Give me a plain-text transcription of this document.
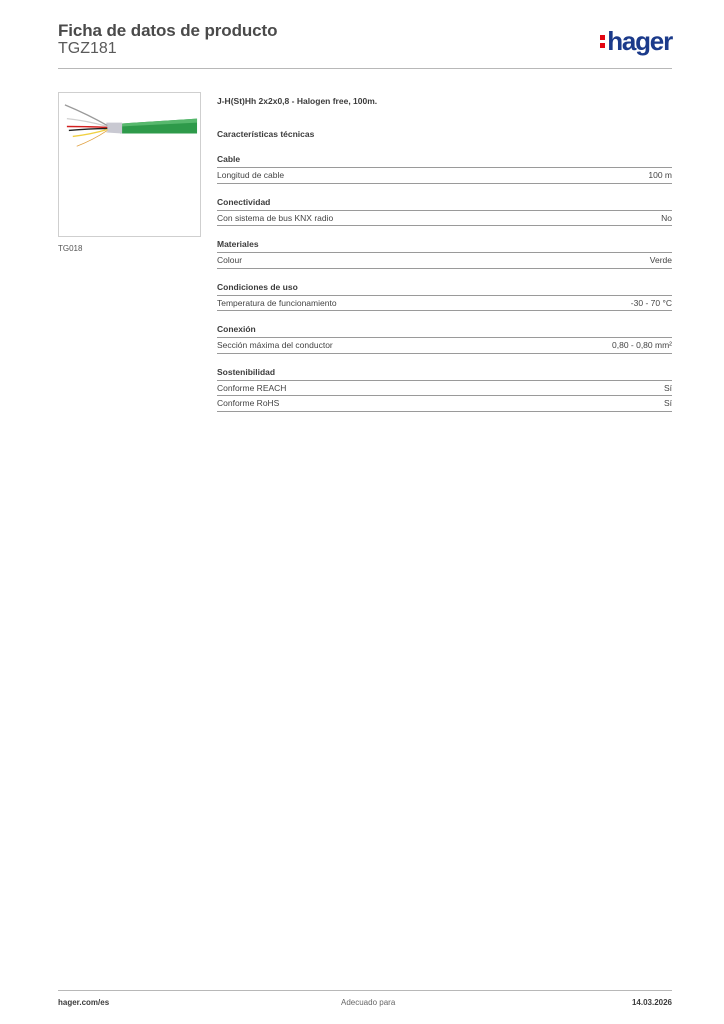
Ficha de datos de producto
TGZ181	hager
TG018
J-H(St)Hh 2x2x0,8 - Halogen free, 100m.
Características técnicas
Cable
Longitud de cable	100 m
Conectividad
Con sistema de bus KNX radio	No
Materiales
Colour	Verde
Condiciones de uso
Temperatura de funcionamiento	-30 - 70 °C
Conexión
Sección máxima del conductor	0,80 - 0,80 mm²
Sostenibilidad
Conforme REACH	Sí
Conforme RoHS	Sí
hager.com/es	Adecuado para	14.03.2026
